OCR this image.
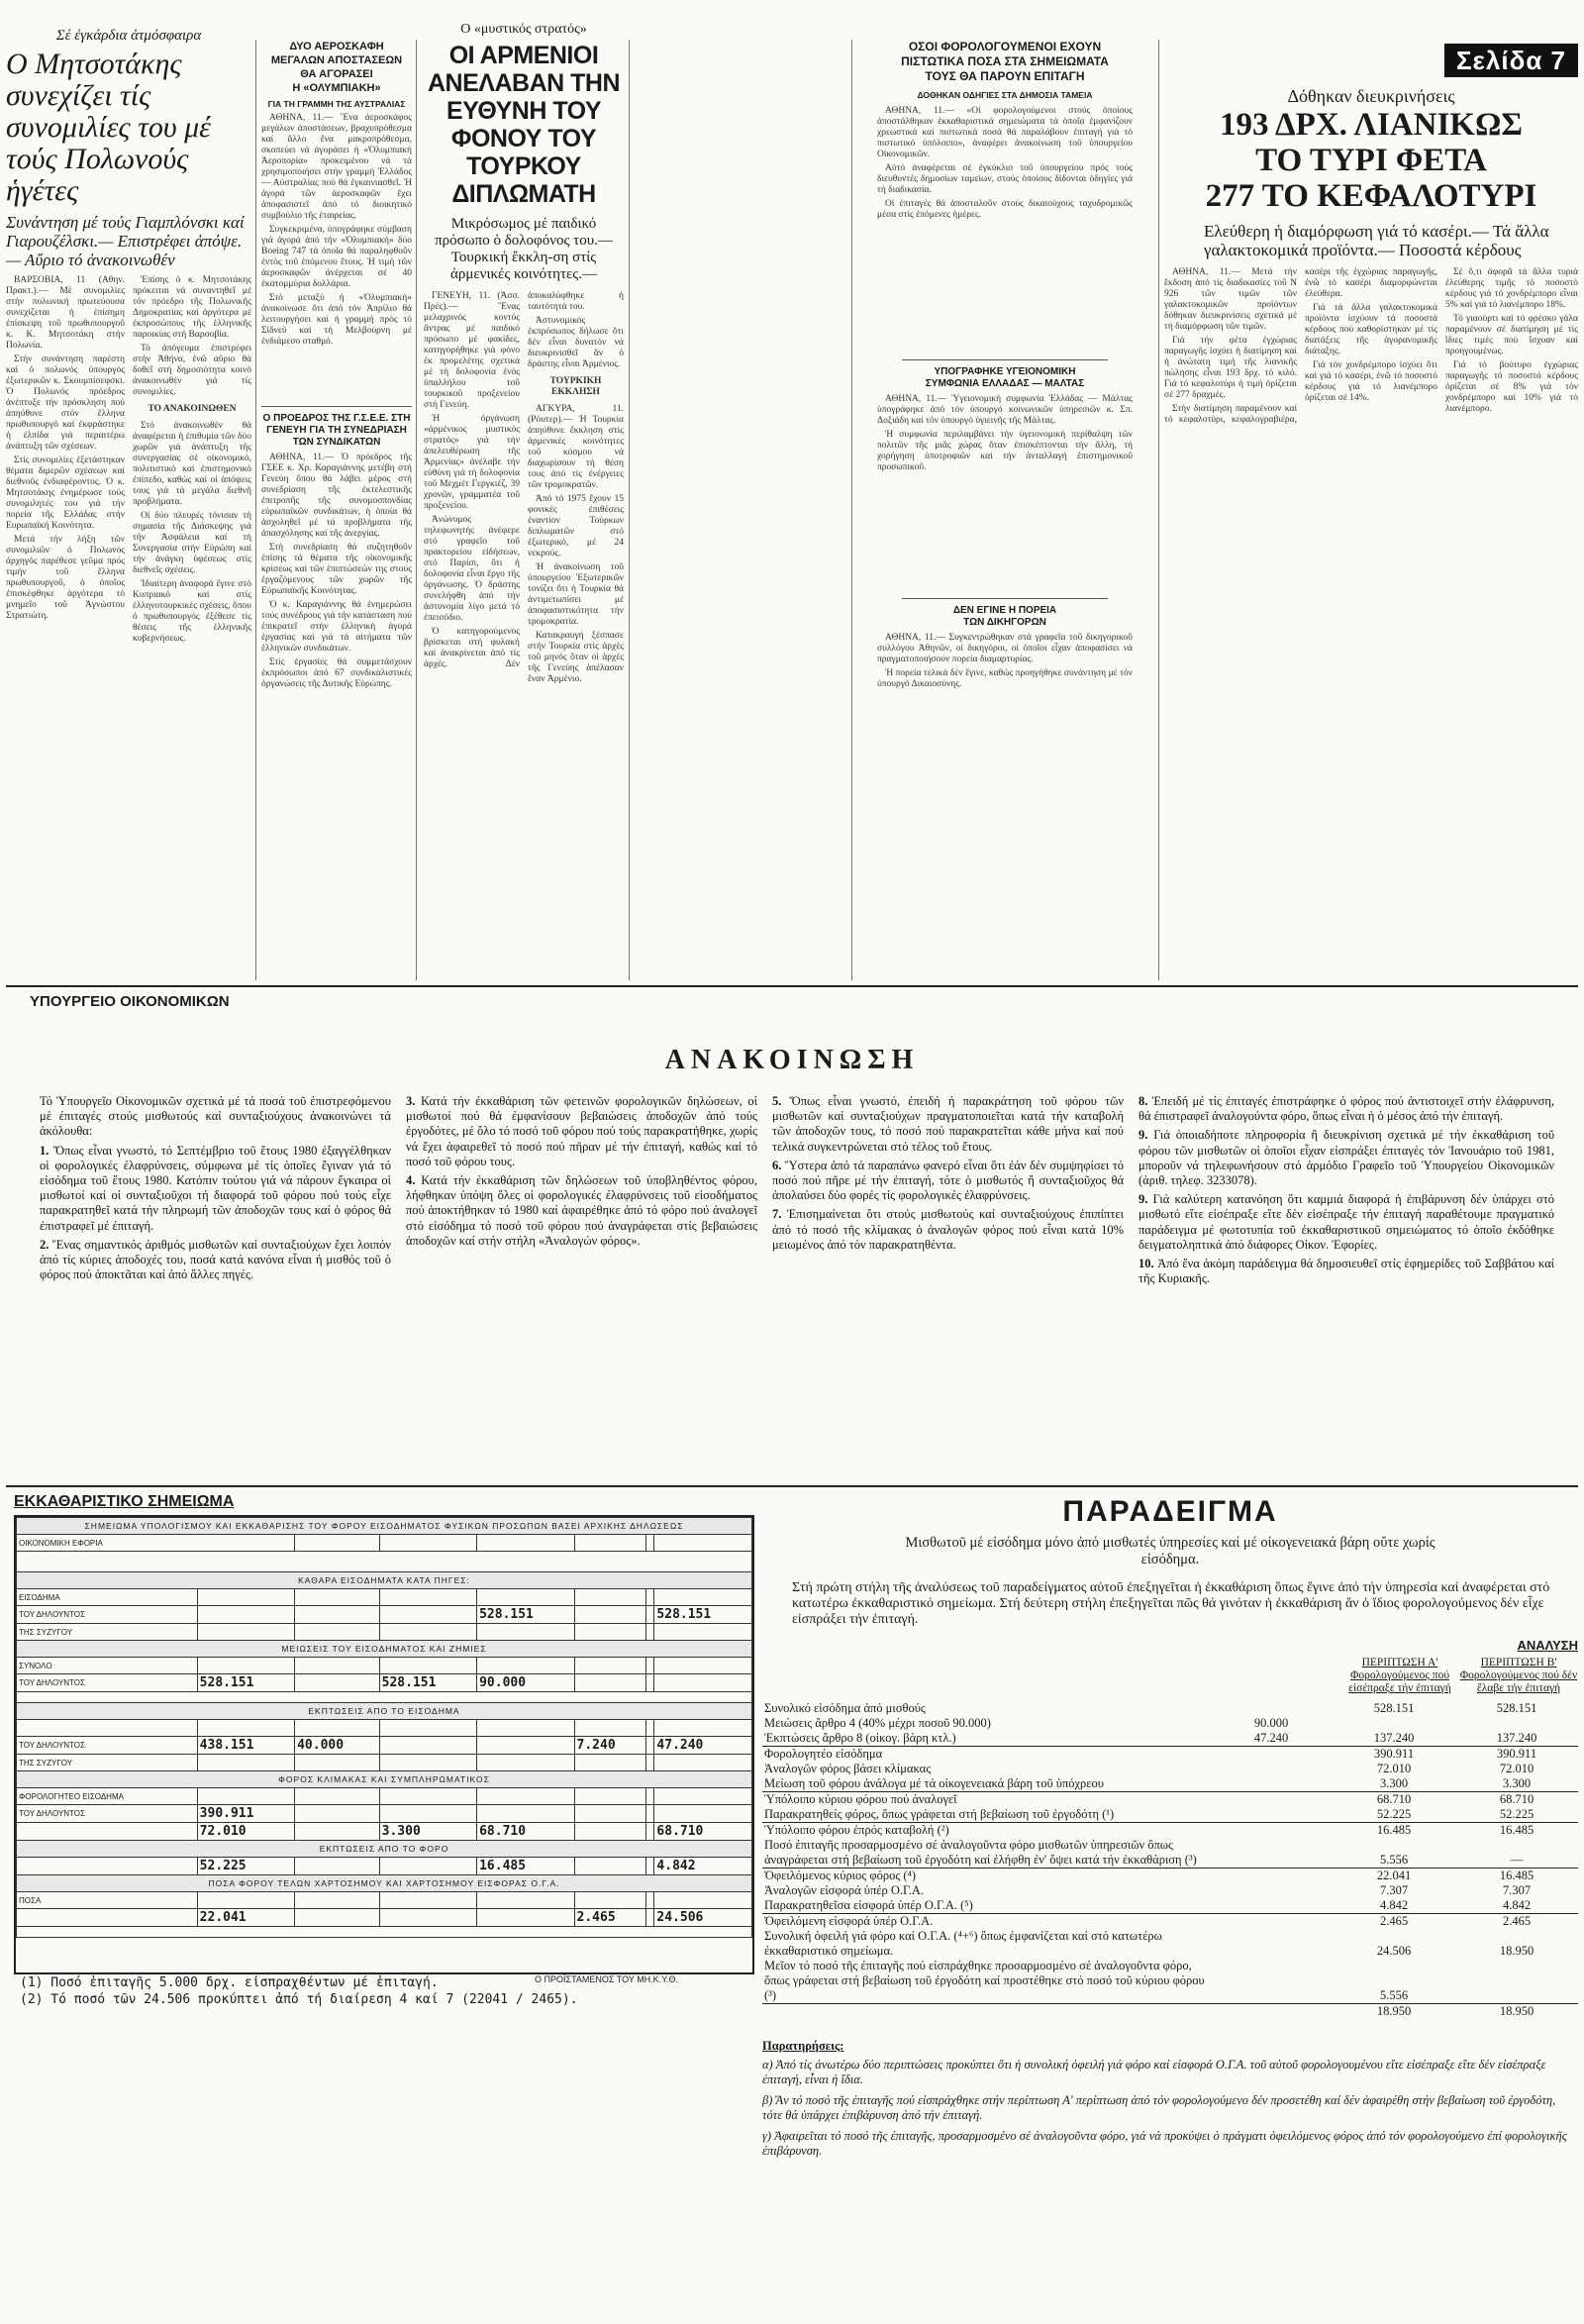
Σέ ἐγκάρδια ἀτμόσφαιρα
Ο Μητσοτάκης συνεχίζει τίς συνομιλίες του μέ τούς Πολωνούς ἡγέτες
Συνάντηση μέ τούς Γιαμπλόνσκι καί Γιαρουζέλσκι.— Επιστρέφει ἀπόψε.— Αὔριο τό ἀνακοινωθέν

ΒΑΡΣΟΒΙΑ, 11 (Αθην. Πρακτ.).— Μέ συνομιλίες στήν πολωνική πρωτεύουσα συνεχίζεται ἡ ἐπίσημη ἐπίσκεψη τοῦ πρωθυπουργοῦ κ. Κ. Μητσοτάκη στήν Πολωνία.

Στήν συνάντηση παρέστη καί ὁ πολωνός ὑπουργός ἐξωτερικῶν κ. Σκουμπίσεφσκι. Ὁ Πολωνός πρόεδρος ἀνέπτυξε τήν πρόσκληση πού ἀπηύθυνε στόν ἕλληνα πρωθυπουργό καί ἐκφράστηκε ἡ ἐλπίδα γιά περαιτέρω ἀνάπτυξη τῶν σχέσεων.

Στίς συνομιλίες ἐξετάστηκαν θέματα διμερῶν σχέσεων καί διεθνοῦς ἐνδιαφέροντος. Ὁ κ. Μητσοτάκης ἐνημέρωσε τούς συνομιλητές του γιά τήν πορεία τῆς Ελλάδας στήν Ευρωπαϊκή Κοινότητα.

Μετά τήν λήξη τῶν συνομιλιῶν ὁ Πολωνός ἀρχηγός παρέθεσε γεῦμα πρός τιμήν τοῦ ἕλληνα πρωθυπουργοῦ, ὁ ὁποῖος ἐπισκέφθηκε ἀργότερα τό μνημεῖο τοῦ Ἀγνώστου Στρατιώτη.

Ἐπίσης ὁ κ. Μητσοτάκης πρόκειται νά συναντηθεῖ μέ τόν πρόεδρο τῆς Πολωνικῆς Δημοκρατίας καί ἀργότερα μέ ἐκπροσώπους τῆς ἑλληνικῆς παροικίας στή Βαρσοβία.

Τό ἀπόγευμα ἐπιστρέφει στήν Ἀθήνα, ἐνῶ αὔριο θά δοθεῖ στή δημοσιότητα κοινό ἀνακοινωθέν γιά τίς συνομιλίες.

ΤΟ ΑΝΑΚΟΙΝΩΘΕΝ

Στό ἀνακοινωθέν θά ἀναφέρεται ἡ ἐπιθυμία τῶν δύο χωρῶν γιά ἀνάπτυξη τῆς συνεργασίας σέ οἰκονομικό, πολιτιστικό καί ἐπιστημονικό ἐπίπεδο, καθώς καί οἱ ἀπόψεις τους γιά τά μεγάλα διεθνῆ προβλήματα.

Οἱ δύο πλευρές τόνισαν τή σημασία τῆς Διάσκεψης γιά τήν Ἀσφάλεια καί τή Συνεργασία στήν Εὐρώπη καί τήν ἀνάγκη ὑφέσεως στίς διεθνεῖς σχέσεις.

Ἰδιαίτερη ἀναφορά ἔγινε στό Κυπριακό καί στίς ἑλληνοτουρκικές σχέσεις, ὅπου ὁ πρωθυπουργός ἐξέθεσε τίς θέσεις τῆς ἑλληνικῆς κυβερνήσεως.

ΔΥΟ ΑΕΡΟΣΚΑΦΗ
ΜΕΓΑΛΩΝ ΑΠΟΣΤΑΣΕΩΝ
ΘΑ ΑΓΟΡΑΣΕΙ
Η «ΟΛΥΜΠΙΑΚΗ»
ΓΙΑ ΤΗ ΓΡΑΜΜΗ ΤΗΣ ΑΥΣΤΡΑΛΙΑΣ

ΑΘΗΝΑ, 11.— Ἕνα ἀεροσκάφος μεγάλων ἀποστάσεων, βραχυπρόθεσμα καί ἄλλο ἕνα μακροπρόθεσμα, σκοπεύει νά ἀγοράσει ἡ «Ὀλυμπιακή Ἀεροπορία» προκειμένου νά τά χρησιμοποιήσει στήν γραμμή Ἑλλάδος — Αὐστραλίας πού θά ἐγκαινιασθεῖ. Ἡ ἀγορά τῶν ἀεροσκαφῶν ἔχει ἀποφασιστεῖ ἀπό τό διοικητικό συμβούλιο τῆς ἑταιρείας.

Συγκεκριμένα, ὑπογράφηκε σύμβαση γιά ἀγορά ἀπό τήν «Ὀλυμπιακή» δύο Boeing 747 τά ὁποῖα θά παραληφθοῦν ἐντός τοῦ ἑπόμενου ἔτους. Ἡ τιμή τῶν ἀεροσκαφῶν ἀνέρχεται σέ 40 ἑκατομμύρια δολλάρια.

Στό μεταξύ ἡ «Ὀλυμπιακή» ἀνακοίνωσε ὅτι ἀπό τόν Ἀπρίλιο θά λειτουργήσει καί ἡ γραμμή πρός τό Σίδνεϋ καί τή Μελβούρνη μέ ἐνδιάμεσο σταθμό.

Ο ΠΡΟΕΔΡΟΣ ΤΗΣ Γ.Σ.Ε.Ε. ΣΤΗ ΓΕΝΕΥΗ ΓΙΑ ΤΗ ΣΥΝΕΔΡΙΑΣΗ ΤΩΝ ΣΥΝΔΙΚΑΤΩΝ

ΑΘΗΝΑ, 11.— Ὁ πρόεδρος τῆς ΓΣΕΕ κ. Χρ. Καραγιάννης μετέβη στή Γενεύη ὅπου θά λάβει μέρος στή συνεδρίαση τῆς ἐκτελεστικῆς ἐπιτροπῆς τῆς συνομοσπονδίας εὐρωπαϊκῶν συνδικάτων, ἡ ὁποία θά ἀσχοληθεῖ μέ τά προβλήματα τῆς ἀπασχόλησης καί τῆς ἀνεργίας.

Στή συνεδρίαση θά συζητηθοῦν ἐπίσης τά θέματα τῆς οἰκονομικῆς κρίσεως καί τῶν ἐπιπτώσεών της στούς ἐργαζόμενους τῶν χωρῶν τῆς Εὐρωπαϊκῆς Κοινότητας.

Ὁ κ. Καραγιάννης θά ἐνημερώσει τούς συνέδρους γιά τήν κατάσταση πού ἐπικρατεῖ στήν ἑλληνική ἀγορά ἐργασίας καί γιά τά αἰτήματα τῶν ἑλληνικῶν συνδικάτων.

Στίς ἐργασίες θά συμμετάσχουν ἐκπρόσωποι ἀπό 67 συνδικαλιστικές ὀργανώσεις τῆς Δυτικῆς Εὐρώπης.

Ο «μυστικός στρατός»
ΟΙ ΑΡΜΕΝΙΟΙ ΑΝΕΛΑΒΑΝ ΤΗΝ ΕΥΘΥΝΗ ΤΟΥ ΦΟΝΟΥ ΤΟΥ ΤΟΥΡΚΟΥ ΔΙΠΛΩΜΑΤΗ
Μικρόσωμος μέ παιδικό πρόσωπο ὁ δολοφόνος του.— Τουρκική ἔκκλη-ση στίς ἀρμενικές κοινότητες.—

ΓΕΝΕΥΗ, 11. (Ἀσσ. Πρές).— Ἕνας μελαχρινός κοντός ἄντρας μέ παιδικό πρόσωπο μέ φακίδες, κατηγορήθηκε γιά φόνο ἐκ προμελέτης σχετικά μέ τή δολοφονία ἑνός ὑπαλλήλου τοῦ τουρκικοῦ προξενείου στή Γενεύη.

Ἡ ὀργάνωση «ἀρμένικος μυστικός στρατός» γιά τήν ἀπελευθέρωση τῆς Ἀρμενίας» ἀνέλαβε τήν εὐθύνη γιά τή δολοφονία τοῦ Μεχμέτ Γεργκιέζ, 39 χρονῶν, γραμματέα τοῦ προξενείου.

Ἀνώνυμος τηλεφωνητής ἀνέφερε στό γραφεῖο τοῦ πρακτορείου εἰδήσεων, στό Παρίσι, ὅτι ἡ δολοφονία εἶναι ἔργο τῆς ὀργάνωσης. Ὁ δράστης συνελήφθη ἀπό τήν ἀστυνομία λίγο μετά τό ἐπεισόδιο.

Ὁ κατηγορούμενος βρίσκεται στή φυλακή καί ἀνακρίνεται ἀπό τίς ἀρχές. Δέν ἀποκαλύφθηκε ἡ ταυτότητά του.

Ἀστυνομικός ἐκπρόσωπος δήλωσε ὅτι δέν εἶναι δυνατόν νά διευκρινισθεῖ ἄν ὁ δράστης εἶναι Ἀρμένιος.

ΤΟΥΡΚΙΚΗ ΕΚΚΛΗΣΗ

ΑΓΚΥΡΑ, 11. (Ρόυτερ).— Ἡ Τουρκία ἀπηύθυνε ἔκκληση στίς ἀρμενικές κοινότητες τοῦ κόσμου νά διαχωρίσουν τή θέση τους ἀπό τίς ἐνέργειες τῶν τρομοκρατῶν.

Ἀπό τό 1975 ἔχουν 15 φονικές ἐπιθέσεις ἐναντίον Τούρκων διπλωματῶν στό ἐξωτερικό, μέ 24 νεκρούς.

Ἡ ἀνακοίνωση τοῦ ὑπουργείου Ἐξωτερικῶν τονίζει ὅτι ἡ Τουρκία θά ἀντιμετωπίσει μέ ἀποφασιστικότητα τήν τρομοκρατία.

Κατακραυγή ξέσπασε στήν Τουρκία στίς ἀρχές τοῦ μηνός ὅταν οἱ ἀρχές τῆς Γενεύης ἀπέλασαν ἕναν Ἀρμένιο.

ΟΣΟΙ ΦΟΡΟΛΟΓΟΥΜΕΝΟΙ ΕΧΟΥΝ ΠΙΣΤΩΤΙΚΑ ΠΟΣΑ ΣΤΑ ΣΗΜΕΙΩΜΑΤΑ ΤΟΥΣ ΘΑ ΠΑΡΟΥΝ ΕΠΙΤΑΓΗ
ΔΟΘΗΚΑΝ ΟΔΗΓΙΕΣ ΣΤΑ ΔΗΜΟΣΙΑ ΤΑΜΕΙΑ

ΑΘΗΝΑ, 11.— «Οἱ φορολογούμενοι στούς ὁποίους ἀποστάλθηκαν ἐκκαθαριστικά σημειώματα τά ὁποῖα ἐμφανίζουν χρεωστικά καί πιστωτικά ποσά θά παραλάβουν ἐπιταγή γιά τό πιστωτικό ὑπόλοιπο», ἀναφέρει ἀνακοίνωση τοῦ ὑπουργείου Οἰκονομικῶν.

Αὐτό ἀναφέρεται σέ ἐγκύκλιο τοῦ ὑπουργείου πρός τούς διευθυντές δημοσίων ταμείων, στούς ὁποίους δίδονται ὁδηγίες γιά τή διαδικασία.

Οἱ ἐπιταγές θά ἀποσταλοῦν στούς δικαιούχους ταχυδρομικῶς μέσα στίς ἑπόμενες ἡμέρες.

ΥΠΟΓΡΑΦΗΚΕ ΥΓΕΙΟΝΟΜΙΚΗ ΣΥΜΦΩΝΙΑ ΕΛΛΑΔΑΣ — ΜΑΛΤΑΣ

ΑΘΗΝΑ, 11.— Ὑγειονομική συμφωνία Ἑλλάδας — Μάλτας ὑπογράφηκε ἀπό τόν ὑπουργό κοινωνικῶν ὑπηρεσιῶν κ. Σπ. Δοξιάδη καί τόν ὑπουργό ὑγιεινῆς τῆς Μάλτας.

Ἡ συμφωνία περιλαμβάνει τήν ὑγειονομική περίθαλψη τῶν πολιτῶν τῆς μιᾶς χώρας ὅταν ἐπισκέπτονται τήν ἄλλη, τή χορήγηση ὑποτροφιῶν καί τήν ἀνταλλαγή ἐπιστημονικοῦ προσωπικοῦ.

ΔΕΝ ΕΓΙΝΕ Η ΠΟΡΕΙΑ ΤΩΝ ΔΙΚΗΓΟΡΩΝ

ΑΘΗΝΑ, 11.— Συγκεντρώθηκαν στά γραφεῖα τοῦ δικηγορικοῦ συλλόγου Ἀθηνῶν, οἱ δικηγόροι, οἱ ὁποῖοι εἶχαν ἀποφασίσει νά πραγματοποιήσουν πορεία διαμαρτυρίας.

Ἡ πορεία τελικά δέν ἔγινε, καθώς προηγήθηκε συνάντηση μέ τόν ὑπουργό Δικαιοσύνης.

Σελίδα 7
Δόθηκαν διευκρινήσεις
193 ΔΡΧ. ΛΙΑΝΙΚΩΣ
ΤΟ ΤΥΡΙ ΦΕΤΑ
277 ΤΟ ΚΕΦΑΛΟΤΥΡΙ
Ελεύθερη ἡ διαμόρφωση γιά τό κασέρι.— Τά ἄλλα γαλακτοκομικά προϊόντα.— Ποσοστά κέρδους

ΑΘΗΝΑ, 11.— Μετά τήν ἔκδοση ἀπό τίς διαδικασίες τοῦ Ν 926 τῶν τιμῶν τῶν γαλακτοκομικῶν προϊόντων δόθηκαν διευκρινίσεις σχετικά μέ τή διαμόρφωση τῶν τιμῶν.

Γιά τήν φέτα ἐγχώριας παραγωγῆς ἰσχύει ἡ διατίμηση καί ἡ ἀνώτατη τιμή τῆς λιανικῆς πώλησης εἶναι 193 δρχ. τό κιλό. Γιά τό κεφαλοτύρι ἡ τιμή ὁρίζεται σέ 277 δραχμές.

Στήν διατίμηση παραμένουν καί τό κεφαλοτύρι, κεφαλογραβιέρα, κασέρι τῆς ἐγχώριας παραγωγῆς, ἐνῶ τό κασέρι διαμορφώνεται ἐλεύθερα.

Γιά τά ἄλλα γαλακτοκομικά προϊόντα ἰσχύουν τά ποσοστά κέρδους πού καθορίστηκαν μέ τίς διατάξεις τῆς ἀγορανομικῆς διάταξης.

Γιά τόν χονδρέμπορο ἰσχύει ὅτι καί γιά τό κασέρι, ἐνῶ τό ποσοστό κέρδους γιά τό λιανέμπορο ὁρίζεται σέ 14%.

Σέ ὅ,τι ἀφορᾶ τά ἄλλα τυριά ἐλεύθερης τιμῆς τό ποσοστό κέρδους γιά τό χονδρέμπορο εἶναι 5% καί γιά τό λιανέμπορο 18%.

Τό γιαούρτι καί τό φρέσκο γάλα παραμένουν σέ διατίμηση μέ τίς ἴδιες τιμές πού ἴσχυαν καί προηγουμένως.

Γιά τό βούτυρο ἐγχώριας παραγωγῆς τό ποσοστό κέρδους ὁρίζεται σέ 8% γιά τόν χονδρέμπορο καί 10% γιά τό λιανέμπορο.

ΥΠΟΥΡΓΕΙΟ ΟΙΚΟΝΟΜΙΚΩΝ
ΑΝΑΚΟΙΝΩΣΗ

Τό Ὑπουργεῖο Οἰκονομικῶν σχετικά μέ τά ποσά τοῦ ἐπιστρεφόμενου μέ ἐπιταγές στούς μισθωτούς καί συνταξιούχους ἀνακοινώνει τά ἀκόλουθα:

1. Ὅπως εἶναι γνωστό, τό Σεπτέμβριο τοῦ ἔτους 1980 ἐξαγγέλθηκαν οἱ φορολογικές ἐλαφρύνσεις, σύμφωνα μέ τίς ὁποῖες ἔγιναν γιά τό εἰσόδημα τοῦ ἔτους 1980. Κατόπιν τούτου γιά νά πάρουν ἔγκαιρα οἱ μισθωτοί καί οἱ συνταξιοῦχοι τή διαφορά τοῦ φόρου πού τούς εἶχε παρακρατηθεῖ κατά τήν πληρωμή τῶν ἀποδοχῶν τους καί ὁ φόρος θά ἐπιστραφεῖ μέ ἐπιταγή.

2. Ἕνας σημαντικός ἀριθμός μισθωτῶν καί συνταξιούχων ἔχει λοιπόν ἀπό τίς κύριες ἀποδοχές του, ποσά κατά κανόνα εἶναι ἡ μισθός τοῦ ὁ φόρος πού ἀποκτᾶται καί ἀπό ἄλλες πηγές.

3. Κατά τήν ἐκκαθάριση τῶν φετεινῶν φορολογικῶν δηλώσεων, οἱ μισθωτοί πού θά ἐμφανίσουν βεβαιώσεις ἀποδοχῶν ἀπό τούς ἐργοδότες, μέ ὅλο τό ποσό τοῦ φόρου πού τούς παρακρατήθηκε, χωρίς νά ἔχει ἀφαιρεθεῖ τό ποσό πού πῆραν μέ τήν ἐπιταγή, καθώς καί τό ποσό τοῦ φόρου τους.

4. Κατά τήν ἐκκαθάριση τῶν δηλώσεων τοῦ ὑποβληθέντος φόρου, λήφθηκαν ὑπόψη ὅλες οἱ φορολογικές ἐλαφρύνσεις τοῦ εἰσοδήματος πού ἀποκτήθηκαν τό 1980 καί ἀφαιρέθηκε ἀπό τό φόρο πού ἀναλογεῖ στό εἰσόδημα τό ποσό τοῦ φόρου πού ἀναγράφεται στίς βεβαιώσεις ἀποδοχῶν καί στήν στήλη «Ἀναλογών φόρος».

5. Ὅπως εἶναι γνωστό, ἐπειδή ἡ παρακράτηση τοῦ φόρου τῶν μισθωτῶν καί συνταξιούχων πραγματοποιεῖται κατά τήν καταβολή τῶν ἀποδοχῶν τους, τό ποσό πού παρακρατεῖται κάθε μήνα καί πού τελικά συγκεντρώνεται στό τέλος τοῦ ἔτους.

6. Ὕστερα ἀπό τά παραπάνω φανερό εἶναι ὅτι ἐάν δέν συμψηφίσει τό ποσό πού πῆρε μέ τήν ἐπιταγή, τότε ὁ μισθωτός ἤ συνταξιοῦχος θά ἀπολαύσει δύο φορές τίς φορολογικές ἐλαφρύνσεις.

7. Ἐπισημαίνεται ὅτι στούς μισθωτούς καί συνταξιούχους ἐπιπίπτει ἀπό τό ποσό τῆς κλίμακας ὁ ἀναλογῶν φόρος πού εἶναι κατά 10% μειωμένος ἀπό τόν παρακρατηθέντα.

8. Ἐπειδή μέ τίς ἐπιταγές ἐπιστράφηκε ὁ φόρος πού ἀντιστοιχεῖ στήν ἐλάφρυνση, θά ἐπιστραφεῖ ἀναλογούντα φόρο, ὅπως εἶναι ἡ ὁ μέσος ἀπό τήν ἐπιταγή.

9. Γιά ὁποιαδήποτε πληροφορία ἤ διευκρίνιση σχετικά μέ τήν ἐκκαθάριση τοῦ φόρου τῶν μισθωτῶν οἱ ὁποῖοι εἶχαν εἰσπράξει ἐπιταγές τόν Ἰανουάριο τοῦ 1981, μποροῦν νά τηλεφωνήσουν στό ἁρμόδιο Γραφεῖο τοῦ Ὑπουργείου Οἰκονομικῶν (ἀριθ. τηλεφ. 3233078).

9. Γιά καλύτερη κατανόηση ὅτι καμμιά διαφορά ἡ ἐπιβάρυνση δέν ὑπάρχει στό μισθωτό εἴτε εἰσέπραξε εἴτε δέν εἰσέπραξε τήν ἐπιταγή παραθέτουμε πραγματικό παράδειγμα μέ φωτοτυπία τοῦ ἐκκαθαριστικοῦ σημειώματος τό ὁποῖο ἐκδόθηκε δειγματοληπτικά ἀπό διάφορες Οἰκον. Ἐφορίες.

10. Ἀπό ἕνα ἀκόμη παράδειγμα θά δημοσιευθεῖ στίς ἐφημερίδες τοῦ Σαββάτου καί τῆς Κυριακῆς.

ΕΚΚΑΘΑΡΙΣΤΙΚΟ ΣΗΜΕΙΩΜΑ
ΣΗΜΕΙΩΜΑ ΥΠΟΛΟΓΙΣΜΟΥ ΚΑΙ ΕΚΚΑΘΑΡΙΣΗΣ ΤΟΥ ΦΟΡΟΥ ΕΙΣΟΔΗΜΑΤΟΣ ΦΥΣΙΚΩΝ ΠΡΟΣΩΠΩΝ ΒΑΣΕΙ ΑΡΧΙΚΗΣ ΔΗΛΩΣΕΩΣ							
ΟΙΚΟΝΟΜΙΚΗ ΕΦΟΡΙΑ							

ΚΑΘΑΡΑ ΕΙΣΟΔΗΜΑΤΑ ΚΑΤΑ ΠΗΓΕΣ:							
ΕΙΣΟΔΗΜΑ							
ΤΟΥ ΔΗΛΟΥΝΤΟΣ				528.151			528.151
ΤΗΣ ΣΥΖΥΓΟΥ							
ΜΕΙΩΣΕΙΣ ΤΟΥ ΕΙΣΟΔΗΜΑΤΟΣ ΚΑΙ ΖΗΜΙΕΣ							
ΣΥΝΟΛΟ							
ΤΟΥ ΔΗΛΟΥΝΤΟΣ	528.151		528.151	90.000			

ΕΚΠΤΩΣΕΙΣ ΑΠΟ ΤΟ ΕΙΣΟΔΗΜΑ							

ΤΟΥ ΔΗΛΟΥΝΤΟΣ	438.151	40.000			7.240		47.240
ΤΗΣ ΣΥΖΥΓΟΥ							
ΦΟΡΟΣ ΚΛΙΜΑΚΑΣ ΚΑΙ ΣΥΜΠΛΗΡΩΜΑΤΙΚΟΣ							
ΦΟΡΟΛΟΓΗΤΕΟ ΕΙΣΟΔΗΜΑ							
ΤΟΥ ΔΗΛΟΥΝΤΟΣ	390.911						
	72.010		3.300	68.710			68.710
ΕΚΠΤΩΣΕΙΣ ΑΠΟ ΤΟ ΦΟΡΟ							
	52.225			16.485			4.842
ΠΟΣΑ ΦΟΡΟΥ ΤΕΛΩΝ ΧΑΡΤΟΣΗΜΟΥ ΚΑΙ ΧΑΡΤΟΣΗΜΟΥ ΕΙΣΦΟΡΑΣ Ο.Γ.Α.							
ΠΟΣΑ							
	22.041				2.465		24.506

(1) Ποσό ἐπιταγῆς 5.000 δρχ. εἰσπραχθέντων μέ ἐπιταγή.
(2) Τό ποσό τῶν 24.506 προκύπτει ἀπό τή διαίρεση 4 καί 7 (22041 / 2465).
Ο ΠΡΟΪΣΤΑΜΕΝΟΣ ΤΟΥ ΜΗ.Κ.Υ.Θ.
ΠΑΡΑΔΕΙΓΜΑ
Μισθωτοῦ μέ εἰσόδημα μόνο ἀπό μισθωτές ὑπηρεσίες καί μέ οἰκογενειακά βάρη οὔτε χωρίς εἰσόδημα.
Στή πρώτη στήλη τῆς ἀναλύσεως τοῦ παραδείγματος αὐτοῦ ἐπεξηγεῖται ἡ ἐκκαθάριση ὅπως ἔγινε ἀπό τήν ὑπηρεσία καί ἀναφέρεται στό κατωτέρω ἐκκαθαριστικό σημείωμα. Στή δεύτερη στήλη ἐπεξηγεῖται πῶς θά γινόταν ἡ ἐκκαθάριση ἄν ὁ ἴδιος φορολογούμενος δέν εἶχε εἰσπράξει τήν ἐπιταγή.
ΑΝΑΛΥΣΗ
ΠΕΡΙΠΤΩΣΗ Α' Φορολογούμενος πού εἰσέπραξε τήν ἐπιταγή
ΠΕΡΙΠΤΩΣΗ Β' Φορολογούμενος πού δέν ἔλαβε τήν ἐπιταγή
Συνολικό εἰσόδημα ἀπό μισθούς		528.151	528.151
Μειώσεις ἄρθρο 4 (40% μέχρι ποσοῦ 90.000)	90.000		
Ἐκπτώσεις ἄρθρο 8 (οἰκογ. βάρη κτλ.)	47.240	137.240	137.240
Φορολογητέο εἰσόδημα		390.911	390.911
Ἀναλογῶν φόρος βάσει κλίμακας		72.010	72.010
Μείωση τοῦ φόρου ἀνάλογα μέ τά οἰκογενειακά βάρη τοῦ ὑπόχρεου		3.300	3.300
Ὑπόλοιπο κύριου φόρου πού ἀναλογεῖ		68.710	68.710
Παρακρατηθείς φόρος, ὅπως γράφεται στή βεβαίωση τοῦ ἐργοδότη (¹)		52.225	52.225
Ὑπόλοιπο φόρου ἐπρός καταβολή (²)		16.485	16.485
Ποσό ἐπιταγῆς προσαρμοσμένο σέ ἀναλογοῦντα φόρο μισθωτῶν ὑπηρεσιῶν ὅπως ἀναγράφεται στή βεβαίωση τοῦ ἐργοδότη καί ἐλήφθη ἐν' ὄψει κατά τήν ἐκκαθάριση (³)		5.556	—
Ὀφειλόμενος κύριος φόρος (⁴)		22.041	16.485
Ἀναλογῶν εἰσφορά ὑπέρ Ο.Γ.Α.		7.307	7.307
Παρακρατηθεῖσα εἰσφορά ὑπέρ Ο.Γ.Α. (⁵)		4.842	4.842
Ὀφειλόμενη εἰσφορά ὑπέρ Ο.Γ.Α.		2.465	2.465
Συνολική ὀφειλή γιά φόρο καί Ο.Γ.Α. (⁴+⁶) ὅπως ἐμφανίζεται καί στό κατωτέρω ἐκκαθαριστικό σημείωμα.		24.506	18.950
Μεῖον τό ποσό τῆς ἐπιταγῆς πού εἰσπράχθηκε προσαρμοσμένο σέ ἀναλογοῦντα φόρο, ὅπως γράφεται στή βεβαίωση τοῦ ἐργοδότη καί προστέθηκε στό ποσό τοῦ κύριου φόρου (³)		5.556	
		18.950	18.950
Παρατηρήσεις:
α) Ἀπό τίς ἀνωτέρω δύο περιπτώσεις προκύπτει ὅτι ἡ συνολική ὀφειλή γιά φόρο καί εἰσφορά Ο.Γ.Α. τοῦ αὐτοῦ φορολογουμένου εἴτε εἰσέπραξε εἴτε δέν εἰσέπραξε ἐπιταγή, εἶναι ἡ ἴδια.
β) Ἄν τό ποσό τῆς ἐπιταγῆς πού εἰσπράχθηκε στήν περίπτωση Α' περίπτωση ἀπό τόν φορολογούμενο δέν προσετέθη καί δέν ἀφαιρέθη στήν βεβαίωση τοῦ ἐργοδότη, τότε θά ὑπάρχει ἐπιβάρυνση ἀπό τήν ἐπιταγή.
γ) Ἀφαιρεῖται τό ποσό τῆς ἐπιταγῆς, προσαρμοσμένο σέ ἀναλογοῦντα φόρο, γιά νά προκύψει ὁ πράγματι ὀφειλόμενος φόρος ἀπό τόν φορολογούμενο ἐπί φορολογικῆς ἐπιβάρυνση.
